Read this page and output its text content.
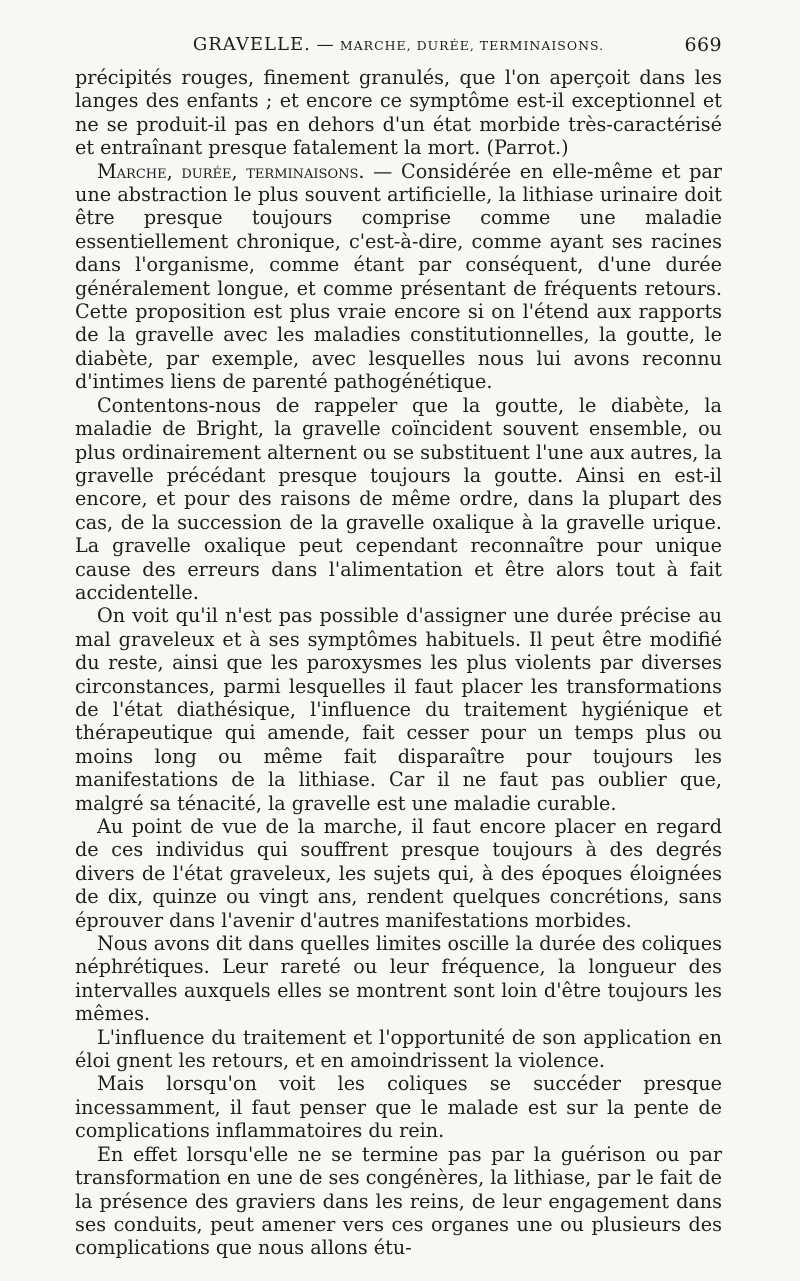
GRAVELLE. — MARCHE, DURÉE, TERMINAISONS.	669

précipités rouges, finement granulés, que l'on aperçoit dans les langes des enfants ; et encore ce symptôme est-il exceptionnel et ne se produit-il pas en dehors d'un état morbide très-caractérisé et entraînant presque fatalement la mort. (Parrot.)

Marche, durée, terminaisons. — Considérée en elle-même et par une abstraction le plus souvent artificielle, la lithiase urinaire doit être presque toujours comprise comme une maladie essentiellement chronique, c'est-à-dire, comme ayant ses racines dans l'organisme, comme étant par conséquent, d'une durée généralement longue, et comme présentant de fréquents retours. Cette proposition est plus vraie encore si on l'étend aux rapports de la gravelle avec les maladies constitutionnelles, la goutte, le diabète, par exemple, avec lesquelles nous lui avons reconnu d'intimes liens de parenté pathogénétique.

Contentons-nous de rappeler que la goutte, le diabète, la maladie de Bright, la gravelle coïncident souvent ensemble, ou plus ordinairement alternent ou se substituent l'une aux autres, la gravelle précédant presque toujours la goutte. Ainsi en est-il encore, et pour des raisons de même ordre, dans la plupart des cas, de la succession de la gravelle oxalique à la gravelle urique. La gravelle oxalique peut cependant reconnaître pour unique cause des erreurs dans l'alimentation et être alors tout à fait accidentelle.

On voit qu'il n'est pas possible d'assigner une durée précise au mal graveleux et à ses symptômes habituels. Il peut être modifié du reste, ainsi que les paroxysmes les plus violents par diverses circonstances, parmi lesquelles il faut placer les transformations de l'état diathésique, l'influence du traitement hygiénique et thérapeutique qui amende, fait cesser pour un temps plus ou moins long ou même fait disparaître pour toujours les manifestations de la lithiase. Car il ne faut pas oublier que, malgré sa ténacité, la gravelle est une maladie curable.

Au point de vue de la marche, il faut encore placer en regard de ces individus qui souffrent presque toujours à des degrés divers de l'état graveleux, les sujets qui, à des époques éloignées de dix, quinze ou vingt ans, rendent quelques concrétions, sans éprouver dans l'avenir d'autres manifestations morbides.

Nous avons dit dans quelles limites oscille la durée des coliques néphrétiques. Leur rareté ou leur fréquence, la longueur des intervalles auxquels elles se montrent sont loin d'être toujours les mêmes.

L'influence du traitement et l'opportunité de son application en éloi gnent les retours, et en amoindrissent la violence.

Mais lorsqu'on voit les coliques se succéder presque incessamment, il faut penser que le malade est sur la pente de complications inflammatoires du rein.

En effet lorsqu'elle ne se termine pas par la guérison ou par transformation en une de ses congénères, la lithiase, par le fait de la présence des graviers dans les reins, de leur engagement dans ses conduits, peut amener vers ces organes une ou plusieurs des complications que nous allons étu-
